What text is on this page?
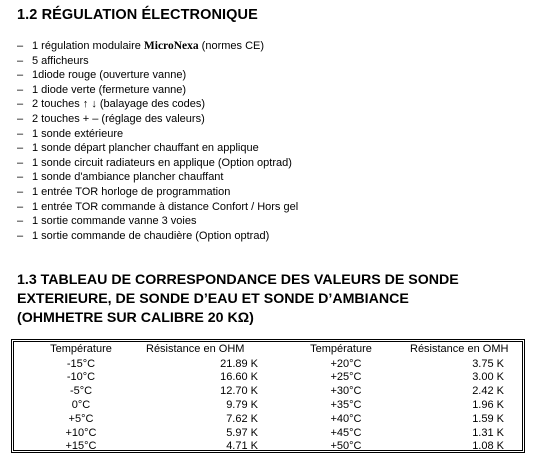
1.2 RÉGULATION ÉLECTRONIQUE
– 1 régulation modulaire MicroNexa (normes CE)
– 5 afficheurs
– 1diode rouge (ouverture vanne)
– 1 diode verte (fermeture vanne)
– 2 touches ↑ ↓ (balayage des codes)
– 2 touches + – (réglage des valeurs)
– 1 sonde extérieure
– 1 sonde départ plancher chauffant en applique
– 1 sonde circuit radiateurs en applique (Option optrad)
– 1 sonde d'ambiance plancher chauffant
– 1 entrée TOR horloge de programmation
– 1 entrée TOR commande à distance Confort / Hors gel
– 1 sortie commande vanne 3 voies
– 1 sortie commande de chaudière (Option optrad)
1.3 TABLEAU DE CORRESPONDANCE DES VALEURS DE SONDE
EXTERIEURE, DE SONDE D’EAU ET SONDE D’AMBIANCE
(OHMHETRE SUR CALIBRE 20 KΩ)
Température	Résistance en OHM	Température	Résistance en OMH
-15°C	21.89 K	+20°C	3.75 K
-10°C	16.60 K	+25°C	3.00 K
-5°C	12.70 K	+30°C	2.42 K
0°C	9.79 K	+35°C	1.96 K
+5°C	7.62 K	+40°C	1.59 K
+10°C	5.97 K	+45°C	1.31 K
+15°C	4.71 K	+50°C	1.08 K
